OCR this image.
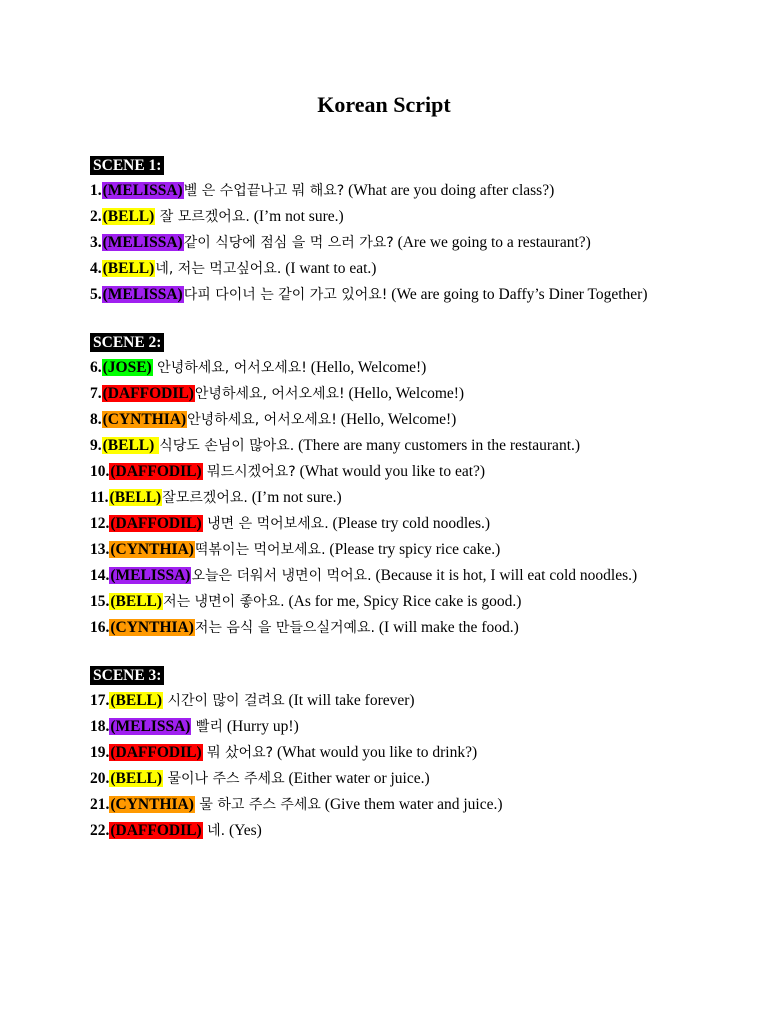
Korean Script
SCENE 1:
1.(MELISSA)벨 은 수업끝나고 뭐 해요? (What are you doing after class?)
2.(BELL) 잘 모르겠어요. (I’m not sure.)
3.(MELISSA)같이 식당에 점심 을 먹 으러 가요? (Are we going to a restaurant?)
4.(BELL)네, 저는 먹고싶어요. (I want to eat.)
5.(MELISSA)다피 다이너 는 같이 가고 있어요! (We are going to Daffy’s Diner Together)
SCENE 2:
6.(JOSE) 안녕하세요, 어서오세요! (Hello, Welcome!)
7.(DAFFODIL)안녕하세요, 어서오세요! (Hello, Welcome!)
8.(CYNTHIA)안녕하세요, 어서오세요! (Hello, Welcome!)
9.(BELL) 식당도 손님이 많아요. (There are many customers in the restaurant.)
10.(DAFFODIL) 뭐드시겠어요? (What would you like to eat?)
11.(BELL)잘모르겠어요. (I’m not sure.)
12.(DAFFODIL) 냉면 은 먹어보세요. (Please try cold noodles.)
13.(CYNTHIA)떡볶이는 먹어보세요. (Please try spicy rice cake.)
14.(MELISSA)오늘은 더워서 냉면이 먹어요. (Because it is hot, I will eat cold noodles.)
15.(BELL)저는 냉면이 좋아요. (As for me, Spicy Rice cake is good.)
16.(CYNTHIA)저는 음식 을 만들으실거예요. (I will make the food.)
SCENE 3:
17.(BELL) 시간이 많이 걸려요 (It will take forever)
18.(MELISSA) 빨리 (Hurry up!)
19.(DAFFODIL) 뭐 샀어요? (What would you like to drink?)
20.(BELL) 물이나 주스 주세요 (Either water or juice.)
21.(CYNTHIA) 물 하고 주스 주세요 (Give them water and juice.)
22.(DAFFODIL) 네. (Yes)
